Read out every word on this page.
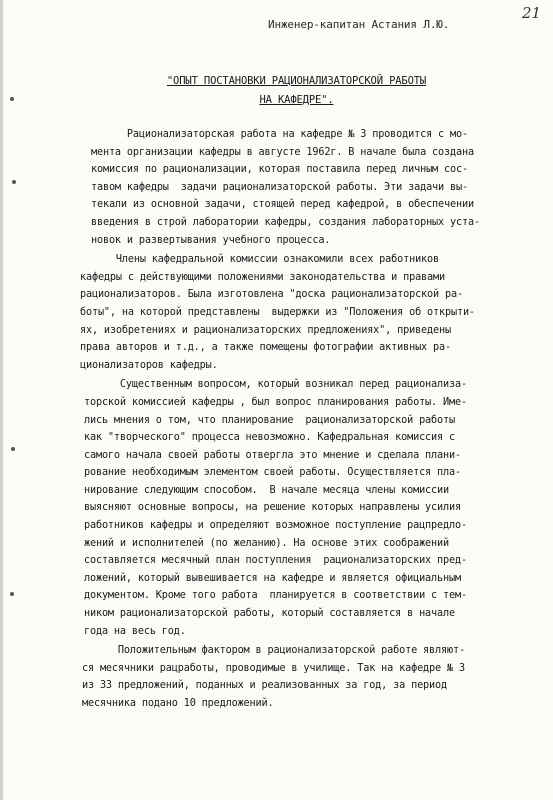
Инженер-капитан Астания Л.Ю.
21
"ОПЫТ ПОСТАНОВКИ РАЦИОНАЛИЗАТОРСКОЙ РАБОТЫ
НА КАФЕДРЕ".
Рационализаторская работа на кафедре № 3 проводится с мо-
мента организации кафедры в августе 1962г. В начале была создана
комиссия по рационализации, которая поставила перед личным сос-
тавом кафедры  задачи рационализаторской работы. Эти задачи вы-
текали из основной задачи, стоящей перед кафедрой, в обеспечении
введения в строй лаборатории кафедры, создания лабораторных уста-
новок и развертывания учебного процесса.
Члены кафедральной комиссии ознакомили всех работников
кафедры с действующими положениями законодательства и правами
рационализаторов. Была изготовлена "доска рационализаторской ра-
боты", на которой представлены  выдержки из "Положения об открыти-
ях, изобретениях и рационализаторских предложениях", приведены
права авторов и т.д., а также помещены фотографии активных ра-
ционализаторов кафедры.
Существенным вопросом, который возникал перед рационализа-
торской комиссией кафедры , был вопрос планирования работы. Име-
лись мнения о том, что планирование  рационализаторской работы
как "творческого" процесса невозможно. Кафедральная комиссия с
самого начала своей работы отвергла это мнение и сделала плани-
рование необходимым элементом своей работы. Осуществляется пла-
нирование следующим способом.  В начале месяца члены комиссии
выясняют основные вопросы, на решение которых направлены усилия
работников кафедры и определяют возможное поступление рацпредло-
жений и исполнителей (по желанию). На основе этих соображений
составляется месячный план поступления  рационализаторских пред-
ложений, который вывешивается на кафедре и является официальным
документом. Кроме того работа  планируется в соответствии с тем-
ником рационализаторской работы, который составляется в начале
года на весь год.
Положительным фактором в рационализаторской работе являют-
ся месячники рацработы, проводимые в училище. Так на кафедре № 3
из 33 предложений, поданных и реализованных за год, за период
месячника подано 10 предложений.
